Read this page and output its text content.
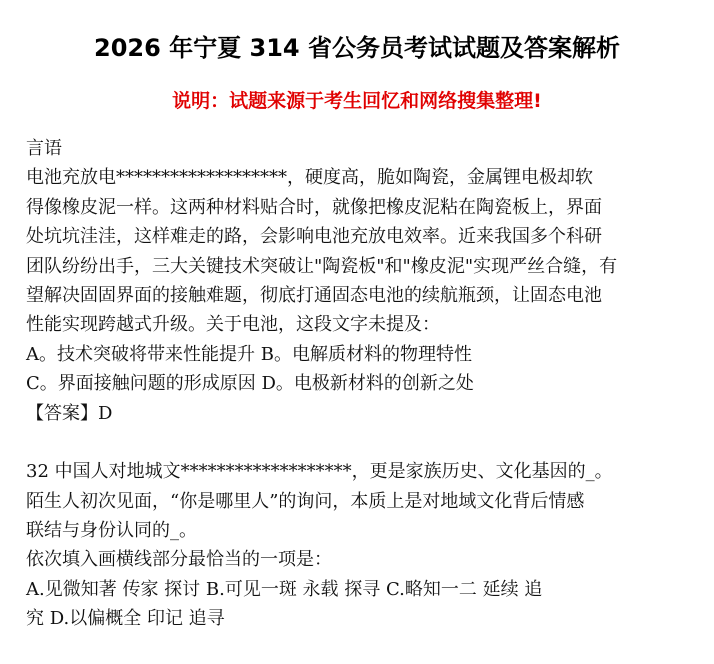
2026 年宁夏 314 省公务员考试试题及答案解析
说明：试题来源于考生回忆和网络搜集整理!
言语
电池充放电*******************，硬度高，脆如陶瓷，金属锂电极却软
得像橡皮泥一样。这两种材料贴合时，就像把橡皮泥粘在陶瓷板上，界面
处坑坑洼洼，这样难走的路，会影响电池充放电效率。近来我国多个科研
团队纷纷出手，三大关键技术突破让"陶瓷板"和"橡皮泥"实现严丝合缝，有
望解决固固界面的接触难题，彻底打通固态电池的续航瓶颈，让固态电池
性能实现跨越式升级。关于电池，这段文字未提及：
A。技术突破将带来性能提升 B。电解质材料的物理特性
C。界面接触问题的形成原因 D。电极新材料的创新之处
【答案】D
32 中国人对地城文*******************，更是家族历史、文化基因的_。
陌生人初次见面，“你是哪里人”的询问，本质上是对地域文化背后情感
联结与身份认同的_。
依次填入画横线部分最恰当的一项是：
A.见微知著 传家 探讨 B.可见一斑 永载 探寻 C.略知一二 延续 追
究 D.以偏概全 印记 追寻
